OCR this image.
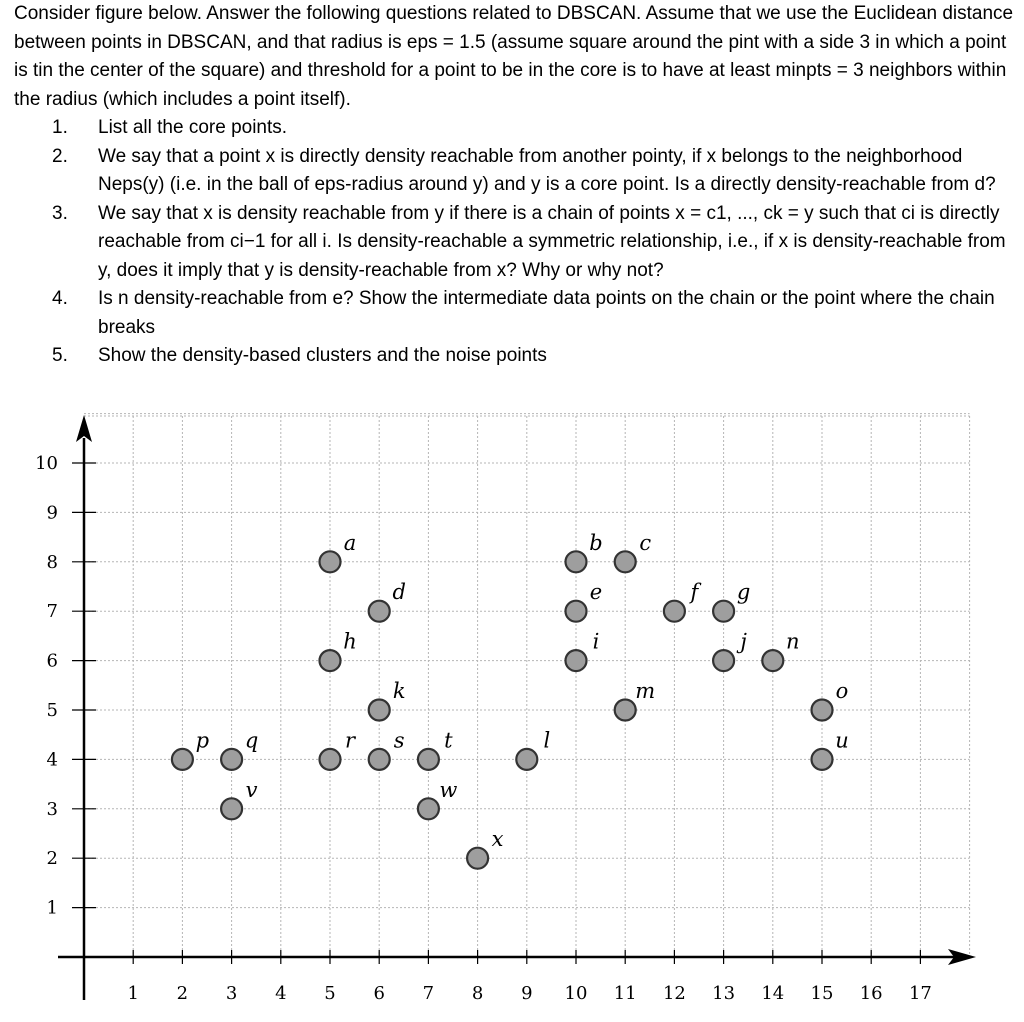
Consider figure below. Answer the following questions related to DBSCAN. Assume that we use the Euclidean distance between points in DBSCAN, and that radius is eps = 1.5 (assume square around the pint with a side 3 in which a point is tin the center of the square) and threshold for a point to be in the core is to have at least minpts = 3 neighbors within the radius (which includes a point itself).

1. List all the core points.
2. We say that a point x is directly density reachable from another pointy, if x belongs to the neighborhood Neps(y) (i.e. in the ball of eps-radius around y) and y is a core point. Is a directly density-reachable from d?
3. We say that x is density reachable from y if there is a chain of points x = c1, ..., ck = y such that ci is directly reachable from ci−1 for all i. Is density-reachable a symmetric relationship, i.e., if x is density-reachable from y, does it imply that y is density-reachable from x? Why or why not?
4. Is n density-reachable from e? Show the intermediate data points on the chain or the point where the chain breaks
5. Show the density-based clusters and the noise points
1 2 3 4 5 6 7 8 9 10 11 12 13 14 15 16 17
1
2
3
4
5
6
7
8
9
10
a	b c
d	e	f g
h	i	j n
k	m	o
p q	r s t	l	u
v	w
x
